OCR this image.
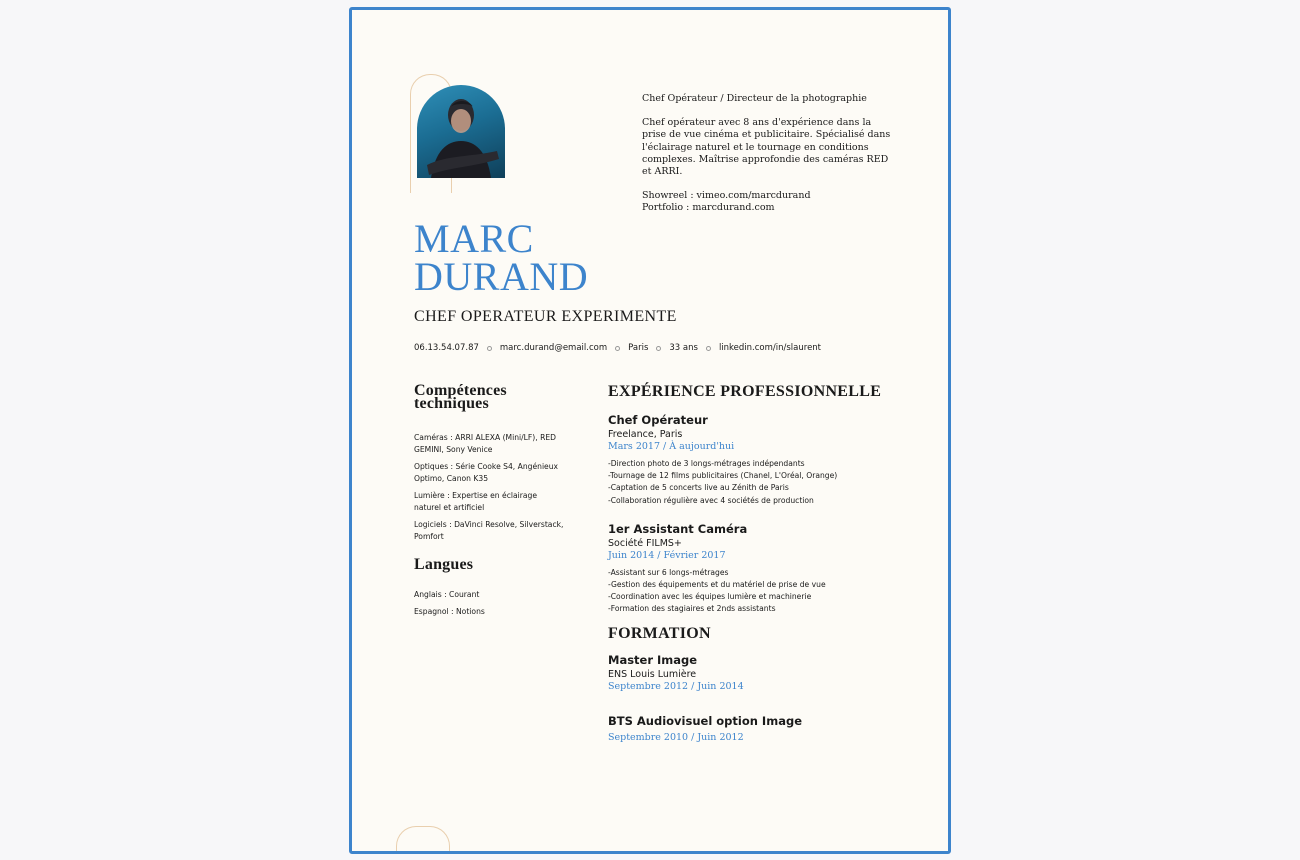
Chef Opérateur / Directeur de la photographie

Chef opérateur avec 8 ans d'expérience dans la prise de vue cinéma et publicitaire. Spécialisé dans l'éclairage naturel et le tournage en conditions complexes. Maîtrise approfondie des caméras RED et ARRI.

Showreel : vimeo.com/marcdurand

Portfolio : marcdurand.com

MARC
DURAND
CHEF OPERATEUR EXPERIMENTE
06.13.54.07.87 marc.durand@email.com Paris 33 ans linkedin.com/in/slaurent
Compétences techniques

Caméras : ARRI ALEXA (Mini/LF), RED GEMINI, Sony Venice

Optiques : Série Cooke S4, Angénieux Optimo, Canon K35

Lumière : Expertise en éclairage naturel et artificiel

Logiciels : DaVinci Resolve, Silverstack, Pomfort

Langues

Anglais : Courant

Espagnol : Notions

EXPÉRIENCE PROFESSIONNELLE

Chef Opérateur

Freelance, Paris

Mars 2017 / À aujourd'hui

-Direction photo de 3 longs-métrages indépendants

-Tournage de 12 films publicitaires (Chanel, L'Oréal, Orange)

-Captation de 5 concerts live au Zénith de Paris

-Collaboration régulière avec 4 sociétés de production

1er Assistant Caméra

Société FILMS+

Juin 2014 / Février 2017

-Assistant sur 6 longs-métrages

-Gestion des équipements et du matériel de prise de vue

-Coordination avec les équipes lumière et machinerie

-Formation des stagiaires et 2nds assistants

FORMATION

Master Image

ENS Louis Lumière

Septembre 2012 / Juin 2014

BTS Audiovisuel option Image

Septembre 2010 / Juin 2012
